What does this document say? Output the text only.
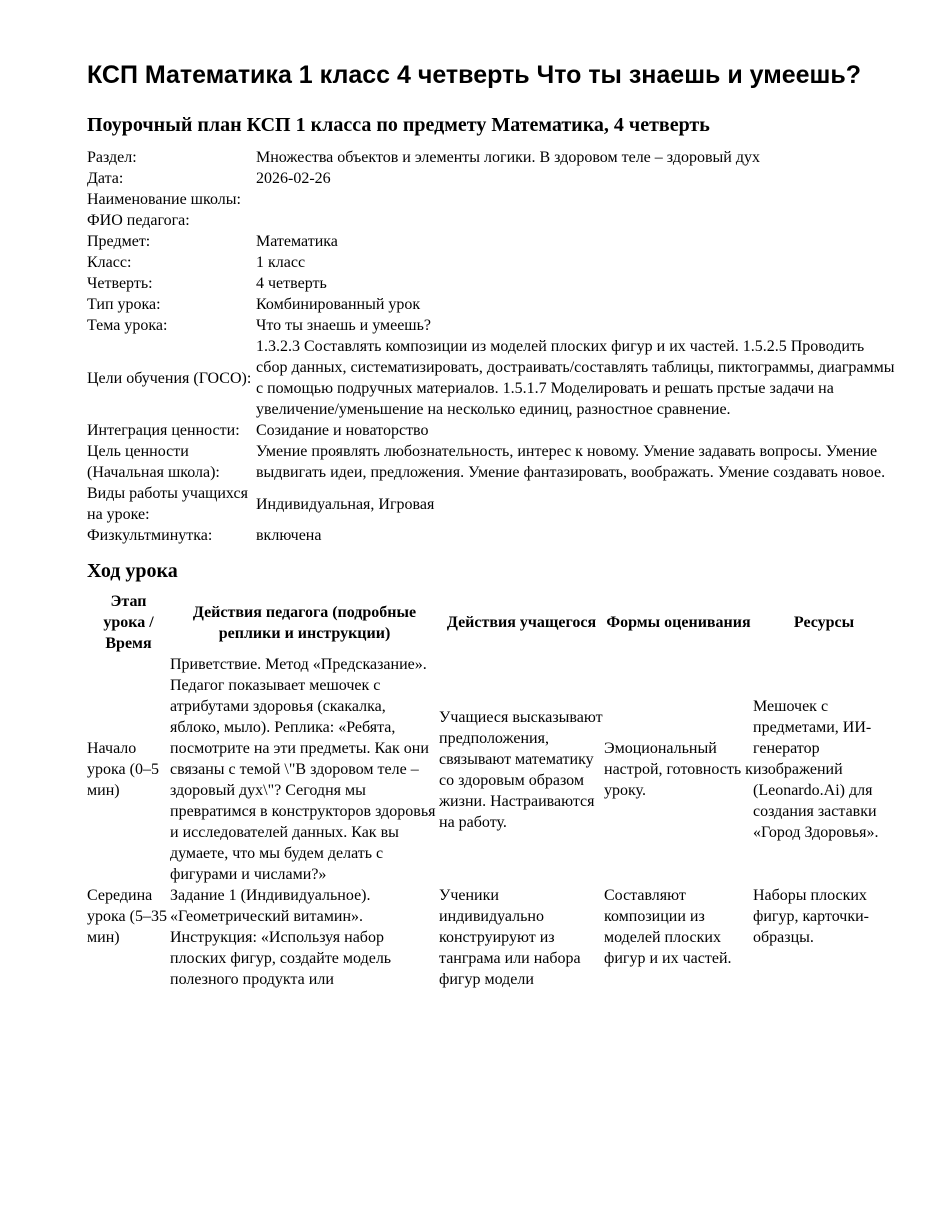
КСП Математика 1 класс 4 четверть Что ты знаешь и умеешь?
Поурочный план КСП 1 класса по предмету Математика, 4 четверть
Раздел:	Множества объектов и элементы логики. В здоровом теле – здоровый дух
Дата:	2026-02-26
Наименование школы:	
ФИО педагога:	
Предмет:	Математика
Класс:	1 класс
Четверть:	4 четверть
Тип урока:	Комбинированный урок
Тема урока:	Что ты знаешь и умеешь?
Цели обучения (ГОСО):	1.3.2.3 Составлять композиции из моделей плоских фигур и их частей. 1.5.2.5 Проводить сбор данных, систематизировать, достраивать/составлять таблицы, пиктограммы, диаграммы с помощью подручных материалов. 1.5.1.7 Моделировать и решать прстые задачи на увеличение/уменьшение на несколько единиц, разностное сравнение.
Интеграция ценности:	Созидание и новаторство
Цель ценности (Начальная школа):	Умение проявлять любознательность, интерес к новому. Умение задавать вопросы. Умение выдвигать идеи, предложения. Умение фантазировать, воображать. Умение создавать новое.
Виды работы учащихся на уроке:	Индивидуальная, Игровая
Физкультминутка:	включена
Ход урока
Этап урока / Время	Действия педагога (подробные реплики и инструкции)	Действия учащегося	Формы оценивания	Ресурсы
Начало урока (0–5 мин)	Приветствие. Метод «Предсказание». Педагог показывает мешочек с атрибутами здоровья (скакалка, яблоко, мыло). Реплика: «Ребята, посмотрите на эти предметы. Как они связаны с темой \"В здоровом теле – здоровый дух\"? Сегодня мы превратимся в конструкторов здоровья и исследователей данных. Как вы думаете, что мы будем делать с фигурами и числами?»	Учащиеся высказывают предположения, связывают математику со здоровым образом жизни. Настраиваются на работу.	Эмоциональный настрой, готовность к уроку.	Мешочек с предметами, ИИ-генератор изображений (Leonardo.Ai) для создания заставки «Город Здоровья».
Середина урока (5–35 мин)	Задание 1 (Индивидуальное). «Геометрический витамин». Инструкция: «Используя набор плоских фигур, создайте модель полезного продукта или	Ученики индивидуально конструируют из танграма или набора фигур модели	Составляют композиции из моделей плоских фигур и их частей.	Наборы плоских фигур, карточки-образцы.
